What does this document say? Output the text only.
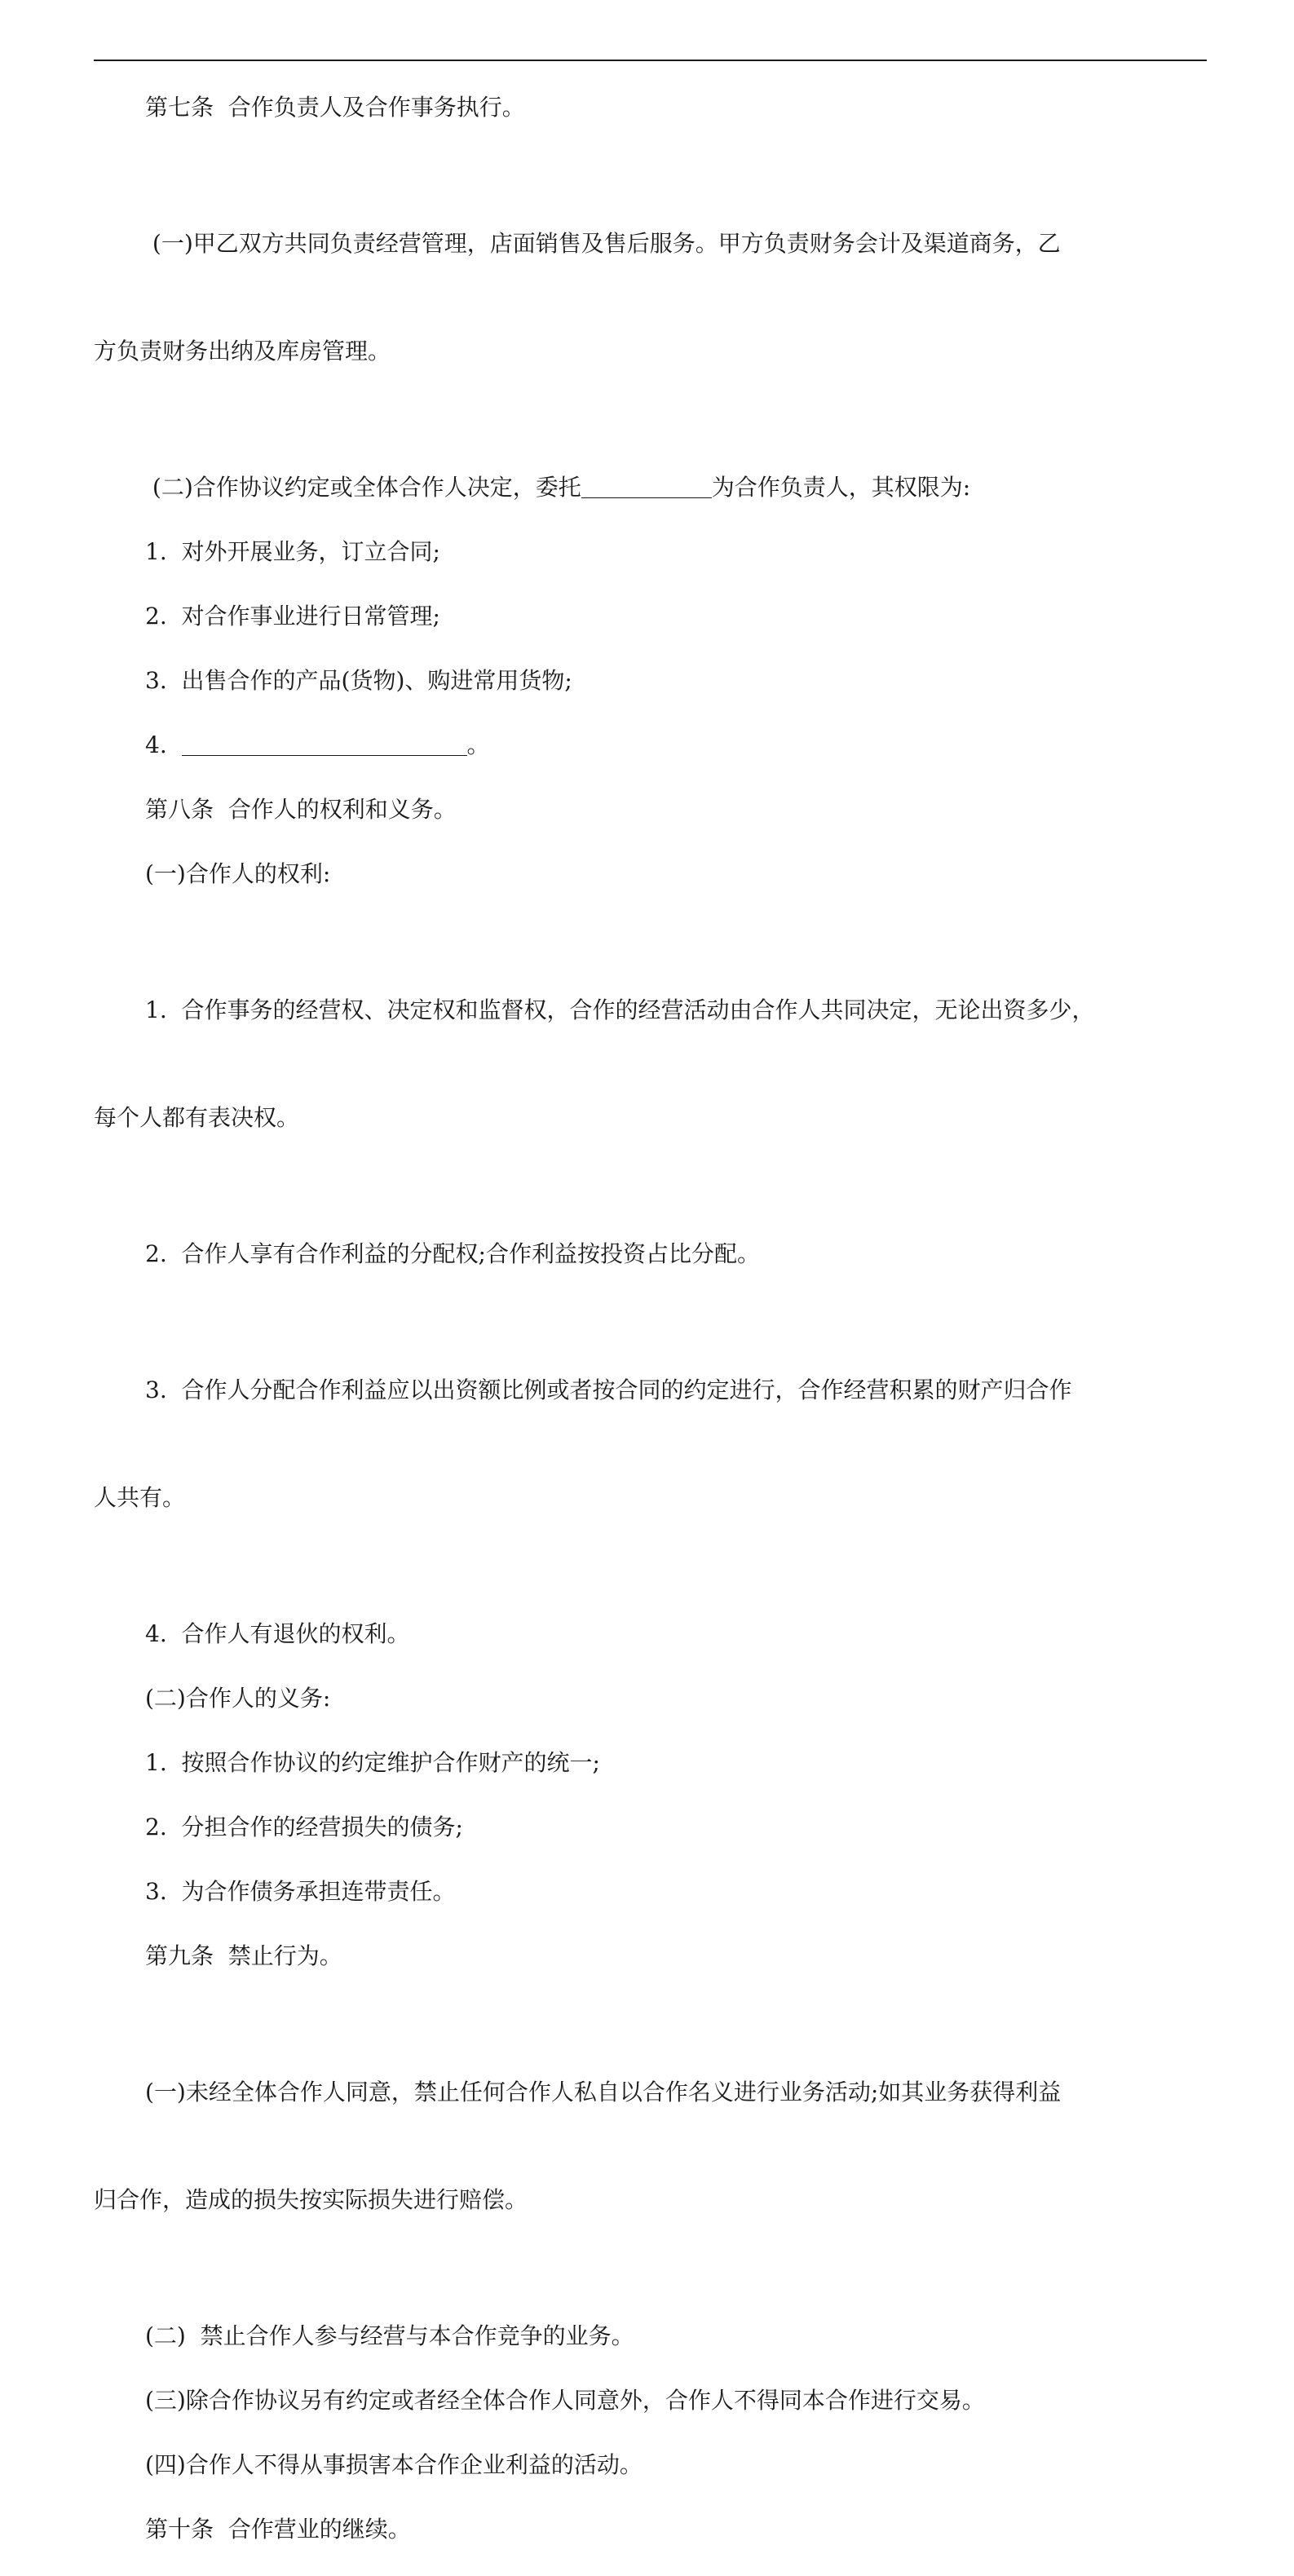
第七条  合作负责人及合作事务执行。

(一)甲乙双方共同负责经营管理，店面销售及售后服务。甲方负责财务会计及渠道商务，乙

方负责财务出纳及库房管理。

(二)合作协议约定或全体合作人决定，委托	为合作负责人，其权限为:

1.  对外开展业务，订立合同;

2.  对合作事业进行日常管理;

3.  出售合作的产品(货物)、购进常用货物;

4.	。

第八条  合作人的权利和义务。

(一)合作人的权利:

1.  合作事务的经营权、决定权和监督权，合作的经营活动由合作人共同决定，无论出资多少，

每个人都有表决权。

2.  合作人享有合作利益的分配权;合作利益按投资占比分配。

3.  合作人分配合作利益应以出资额比例或者按合同的约定进行，合作经营积累的财产归合作

人共有。

4.  合作人有退伙的权利。

(二)合作人的义务:

1.  按照合作协议的约定维护合作财产的统一;

2.  分担合作的经营损失的债务;

3.  为合作债务承担连带责任。

第九条  禁止行为。

(一)未经全体合作人同意，禁止任何合作人私自以合作名义进行业务活动;如其业务获得利益

归合作，造成的损失按实际损失进行赔偿。

(二)  禁止合作人参与经营与本合作竞争的业务。

(三)除合作协议另有约定或者经全体合作人同意外，合作人不得同本合作进行交易。

(四)合作人不得从事损害本合作企业利益的活动。

第十条  合作营业的继续。
